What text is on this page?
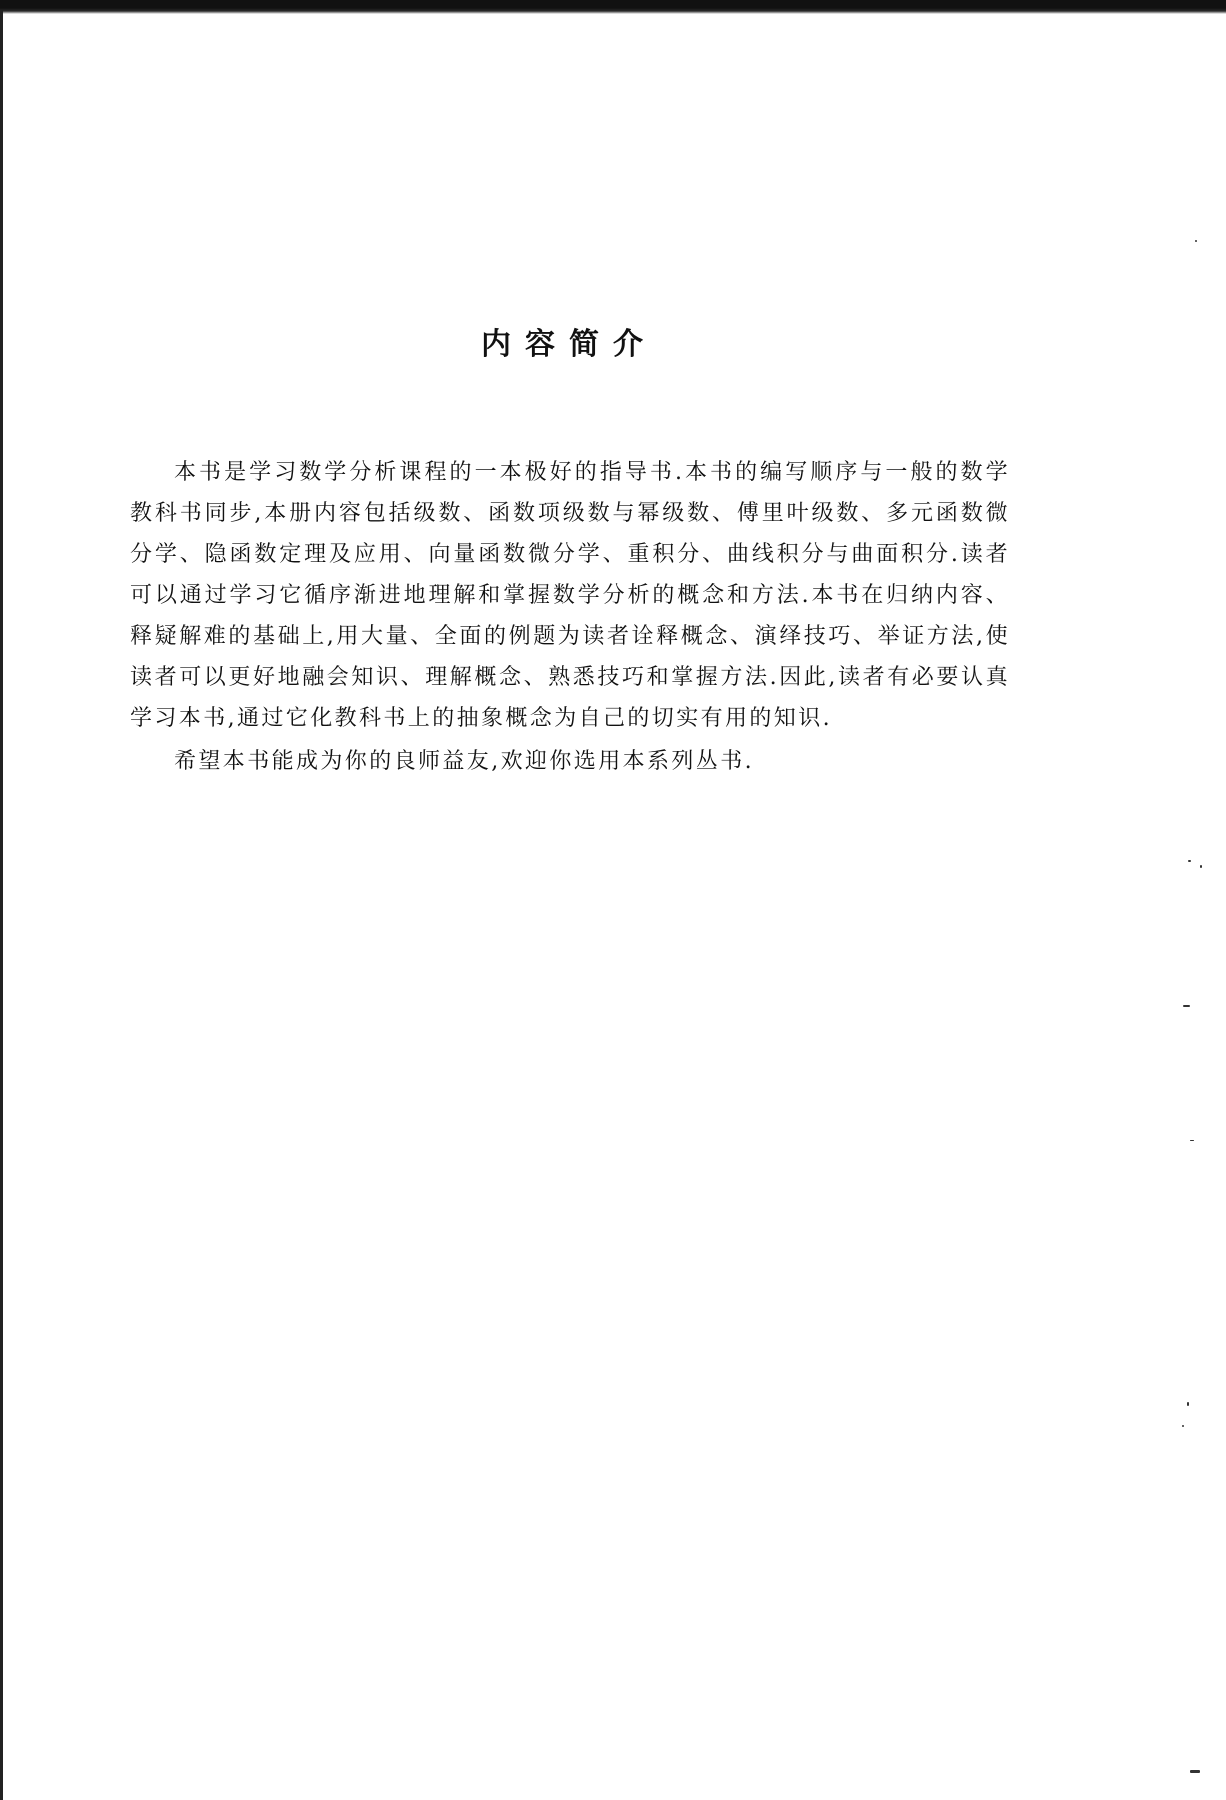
内容简介

本书是学习数学分析课程的一本极好的指导书.本书的编写顺序与一般的数学教科书同步,本册内容包括级数、函数项级数与幂级数、傅里叶级数、多元函数微分学、隐函数定理及应用、向量函数微分学、重积分、曲线积分与曲面积分.读者可以通过学习它循序渐进地理解和掌握数学分析的概念和方法.本书在归纳内容、释疑解难的基础上,用大量、全面的例题为读者诠释概念、演绎技巧、举证方法,使读者可以更好地融会知识、理解概念、熟悉技巧和掌握方法.因此,读者有必要认真学习本书,通过它化教科书上的抽象概念为自己的切实有用的知识.

希望本书能成为你的良师益友,欢迎你选用本系列丛书.
